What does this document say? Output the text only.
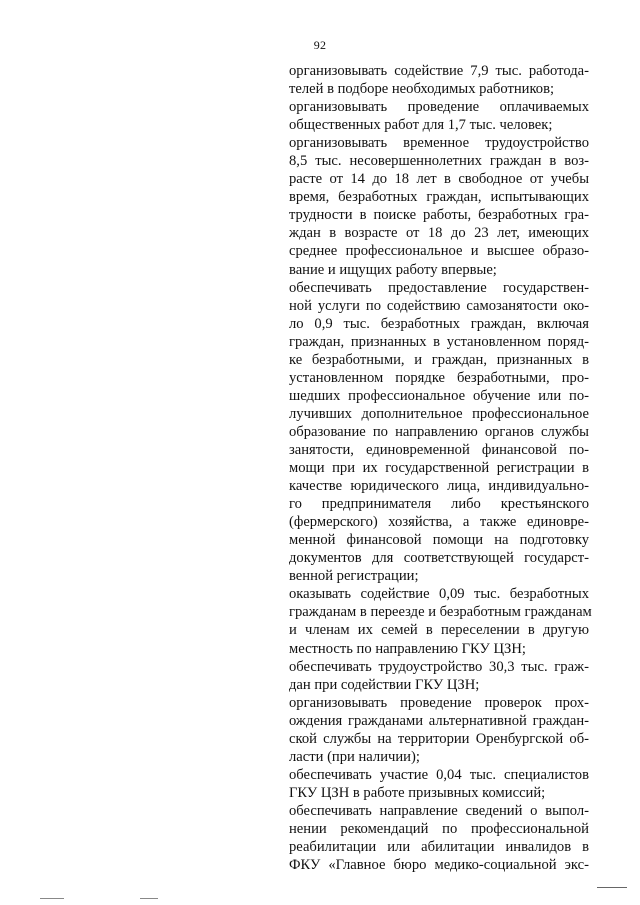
92
организовывать содействие 7,9 тыс. работода-
телей в подборе необходимых работников;
организовывать проведение оплачиваемых
общественных работ для 1,7 тыс. человек;
организовывать временное трудоустройство
8,5 тыс. несовершеннолетних граждан в воз-
расте от 14 до 18 лет в свободное от учебы
время, безработных граждан, испытывающих
трудности в поиске работы, безработных гра-
ждан в возрасте от 18 до 23 лет, имеющих
среднее профессиональное и высшее образо-
вание и ищущих работу впервые;
обеспечивать предоставление государствен-
ной услуги по содействию самозанятости око-
ло 0,9 тыс. безработных граждан, включая
граждан, признанных в установленном поряд-
ке безработными, и граждан, признанных в
установленном порядке безработными, про-
шедших профессиональное обучение или по-
лучивших дополнительное профессиональное
образование по направлению органов службы
занятости, единовременной финансовой по-
мощи при их государственной регистрации в
качестве юридического лица, индивидуально-
го предпринимателя либо крестьянского
(фермерского) хозяйства, а также единовре-
менной финансовой помощи на подготовку
документов для соответствующей государст-
венной регистрации;
оказывать содействие 0,09 тыс. безработных
гражданам в переезде и безработным гражданам
и членам их семей в переселении в другую
местность по направлению ГКУ ЦЗН;
обеспечивать трудоустройство 30,3 тыс. граж-
дан при содействии ГКУ ЦЗН;
организовывать проведение проверок прох-
ождения гражданами альтернативной граждан-
ской службы на территории Оренбургской об-
ласти (при наличии);
обеспечивать участие 0,04 тыс. специалистов
ГКУ ЦЗН в работе призывных комиссий;
обеспечивать направление сведений о выпол-
нении рекомендаций по профессиональной
реабилитации или абилитации инвалидов в
ФКУ «Главное бюро медико-социальной экс-
